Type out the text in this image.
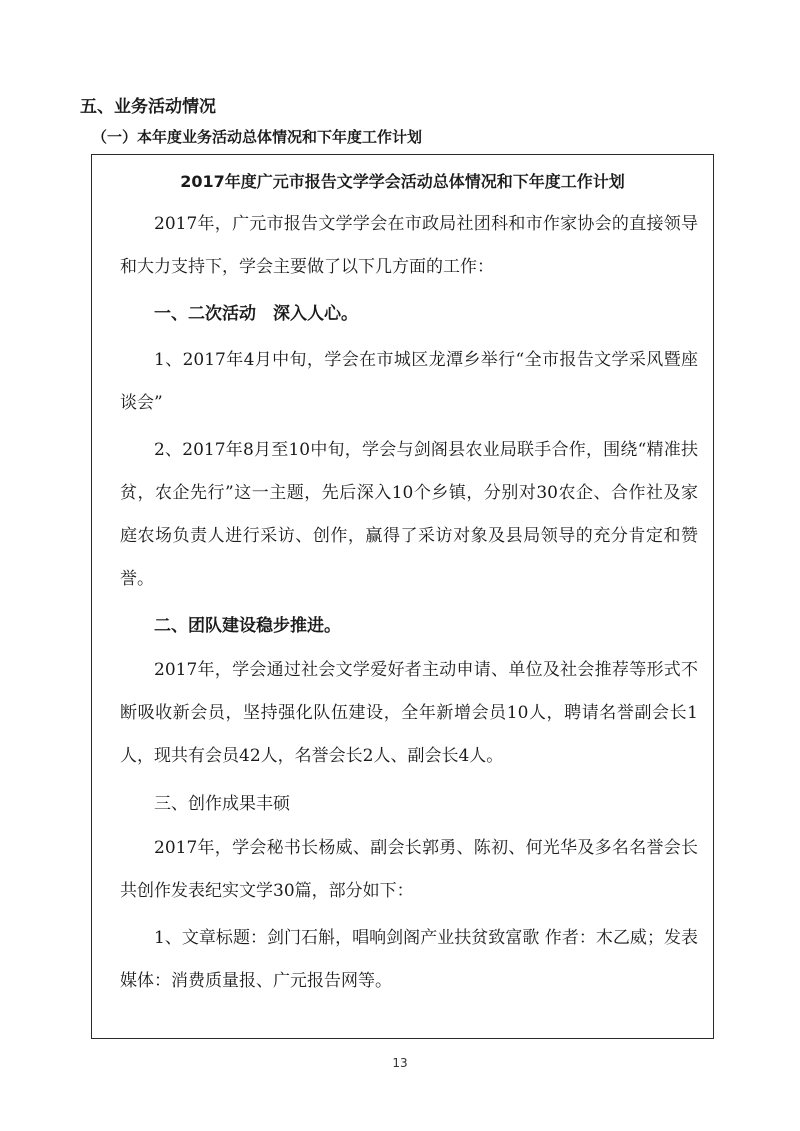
五、业务活动情况
（一）本年度业务活动总体情况和下年度工作计划
2017年度广元市报告文学学会活动总体情况和下年度工作计划

2017年，广元市报告文学学会在市政局社团科和市作家协会的直接领导和大力支持下，学会主要做了以下几方面的工作：

一、二次活动　深入人心。

1、2017年4月中旬，学会在市城区龙潭乡举行“全市报告文学采风暨座谈会”

2、2017年8月至10中旬，学会与剑阁县农业局联手合作，围绕“精准扶贫，农企先行”这一主题，先后深入10个乡镇，分别对30农企、合作社及家庭农场负责人进行采访、创作，赢得了采访对象及县局领导的充分肯定和赞誉。

二、团队建设稳步推进。

2017年，学会通过社会文学爱好者主动申请、单位及社会推荐等形式不断吸收新会员，坚持强化队伍建设，全年新增会员10人，聘请名誉副会长1人，现共有会员42人，名誉会长2人、副会长4人。

三、创作成果丰硕

2017年，学会秘书长杨威、副会长郭勇、陈初、何光华及多名名誉会长共创作发表纪实文学30篇，部分如下：

1、文章标题：剑门石斛，唱响剑阁产业扶贫致富歌 作者：木乙威；发表媒体：消费质量报、广元报告网等。

13
